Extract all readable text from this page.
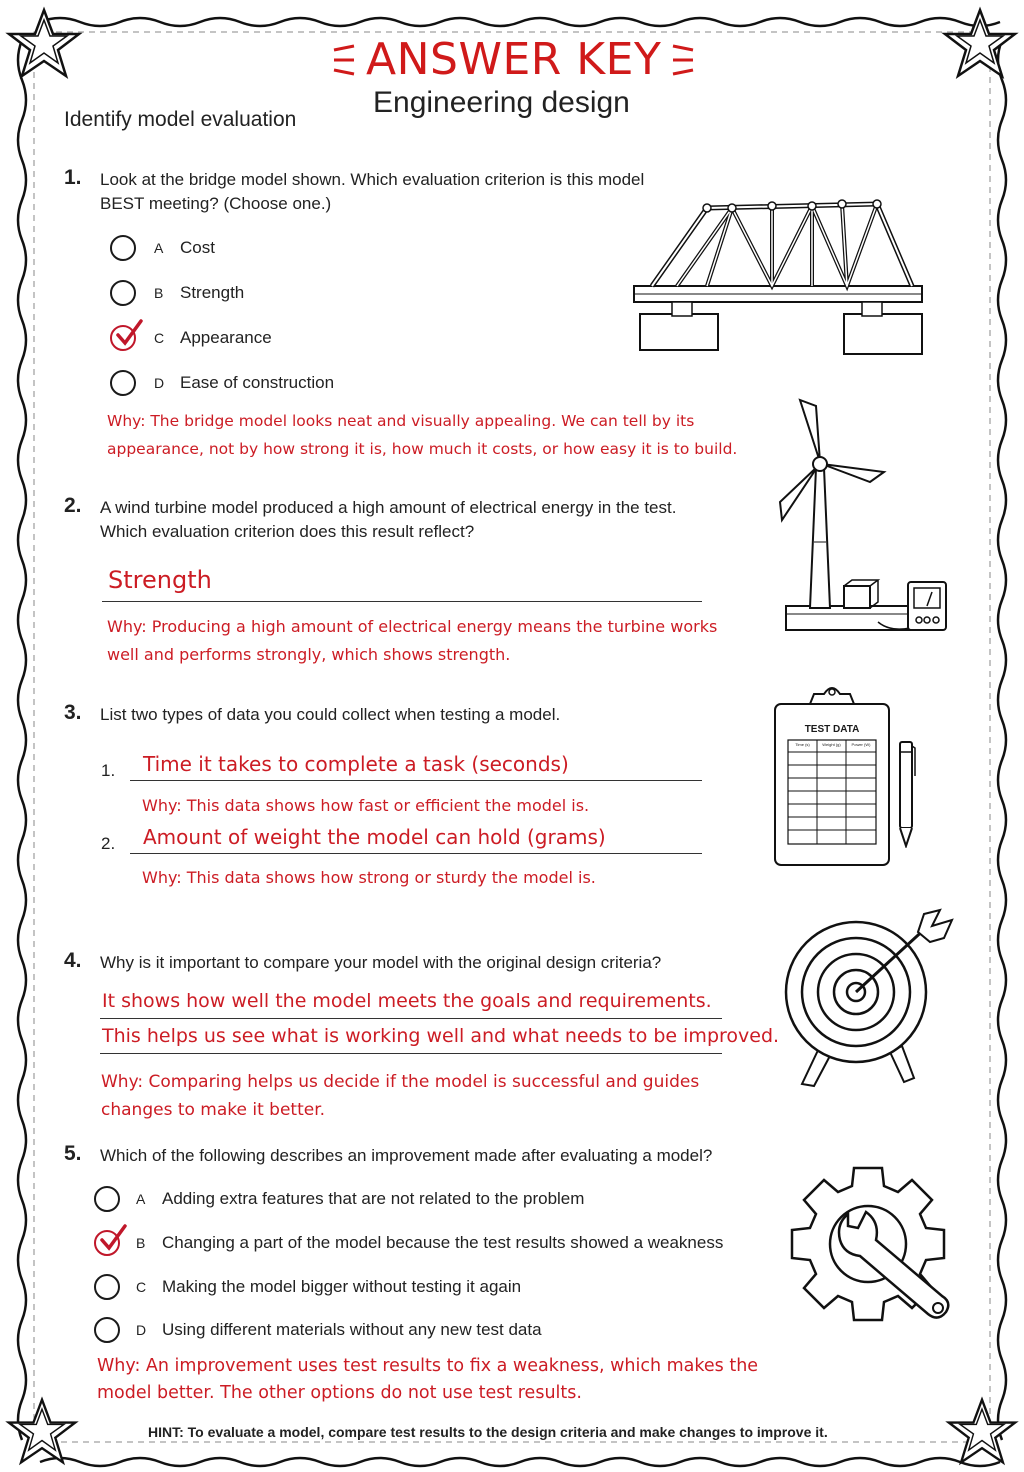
ANSWER KEY
Engineering design
Identify model evaluation
1. Look at the bridge model shown. Which evaluation criterion is this model
BEST meeting? (Choose one.)
A Cost
B Strength
C Appearance
D Ease of construction
Why: The bridge model looks neat and visually appealing. We can tell by its
appearance, not by how strong it is, how much it costs, or how easy it is to build.
2. A wind turbine model produced a high amount of electrical energy in the test.
Which evaluation criterion does this result reflect?
Strength
Why: Producing a high amount of electrical energy means the turbine works
well and performs strongly, which shows strength.
3. List two types of data you could collect when testing a model.
1. Time it takes to complete a task (seconds)
Why: This data shows how fast or efficient the model is.
2. Amount of weight the model can hold (grams)
Why: This data shows how strong or sturdy the model is.
TEST DATA
Time (s)	Weight (g)	Power (W)
4. Why is it important to compare your model with the original design criteria?
It shows how well the model meets the goals and requirements.
This helps us see what is working well and what needs to be improved.
Why: Comparing helps us decide if the model is successful and guides
changes to make it better.
5. Which of the following describes an improvement made after evaluating a model?
A Adding extra features that are not related to the problem
B Changing a part of the model because the test results showed a weakness
C Making the model bigger without testing it again
D Using different materials without any new test data
Why: An improvement uses test results to fix a weakness, which makes the
model better. The other options do not use test results.
HINT: To evaluate a model, compare test results to the design criteria and make changes to improve it.
